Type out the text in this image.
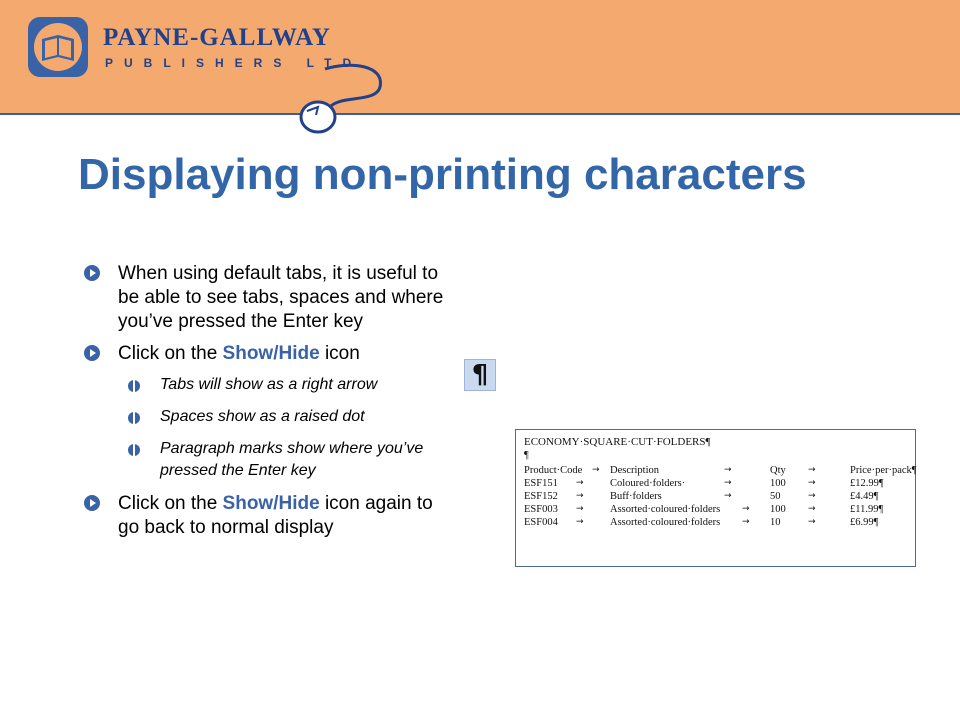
PAYNE-GALLWAY
PUBLISHERS LTD
Displaying non-printing characters
When using default tabs, it is useful to be able to see tabs, spaces and where you’ve pressed the Enter key
Click on the Show/Hide icon
Tabs will show as a right arrow
Spaces show as a raised dot
Paragraph marks show where you’ve pressed the Enter key
Click on the Show/Hide icon again to go back to normal display
¶
ECONOMY·SQUARE·CUT·FOLDERS¶
¶
Product·Code → Description	→	Qty →	Price·per·pack¶
ESF151 →	Coloured·folders·	→	100 →	£12.99¶
ESF152 →	Buff·folders	→	50	→	£4.49¶
ESF003 →	Assorted·coloured·folders → 100 →	£11.99¶
ESF004 →	Assorted·coloured·folders → 10	→	£6.99¶
